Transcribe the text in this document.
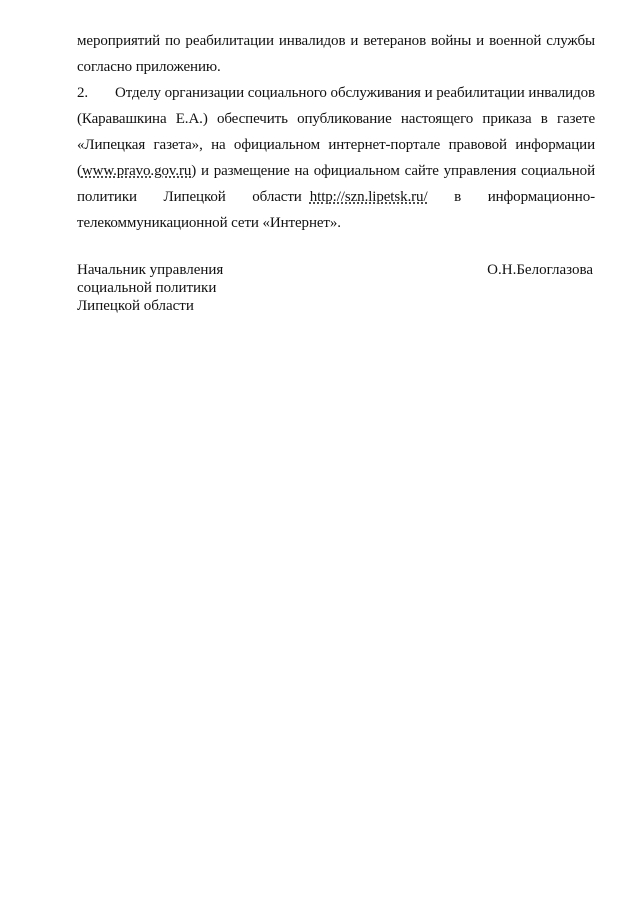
мероприятий по реабилитации инвалидов и ветеранов войны и военной службы согласно приложению.

2. Отделу организации социального обслуживания и реабилитации инвалидов (Каравашкина Е.А.) обеспечить опубликование настоящего приказа в газете «Липецкая газета», на официальном интернет-портале правовой информации (www.pravo.gov.ru) и размещение на официальном сайте управления социальной политики Липецкой области http://szn.lipetsk.ru/ в информационно-телекоммуникационной сети «Интернет».

Начальник управления
социальной политики
Липецкой области
О.Н.Белоглазова
